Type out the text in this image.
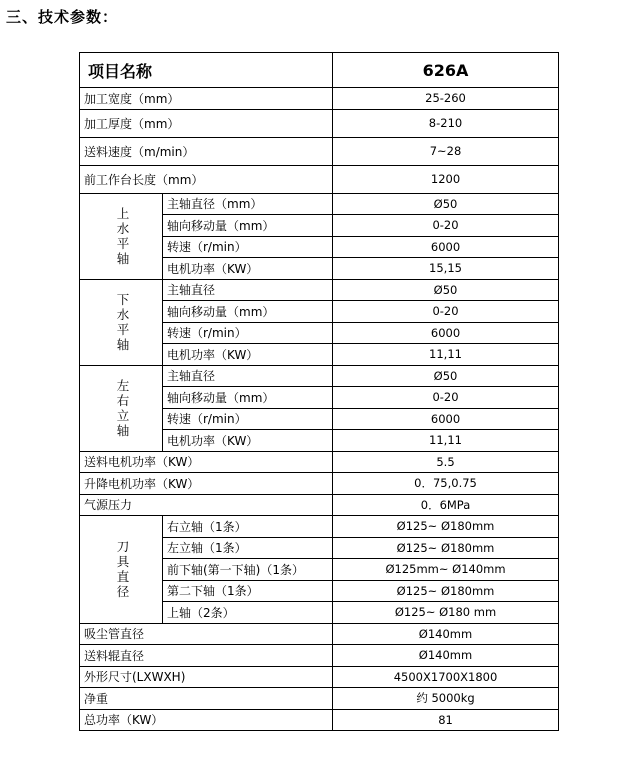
三、技术参数：
项目名称		626A
加工宽度（mm）		25-260
加工厚度（mm）		8-210
送料速度（m/min）		7~28
前工作台长度（mm）		1200
上水平轴	主轴直径（mm）	Ø50
	轴向移动量（mm）	0-20
	转速（r/min）	6000
	电机功率（KW）	15,15
下水平轴	主轴直径	Ø50
	轴向移动量（mm）	0-20
	转速（r/min）	6000
	电机功率（KW）	11,11
左右立轴	主轴直径	Ø50
	轴向移动量（mm）	0-20
	转速（r/min）	6000
	电机功率（KW）	11,11
送料电机功率（KW）		5.5
升降电机功率（KW）		0．75,0.75
气源压力		0．6MPa
刀具直径	右立轴（1条）	Ø125~ Ø180mm
	左立轴（1条）	Ø125~ Ø180mm
	前下轴(第一下轴)（1条）	Ø125mm~ Ø140mm
	第二下轴（1条）	Ø125~ Ø180mm
	上轴（2条）	Ø125~ Ø180 mm
吸尘管直径		Ø140mm
送料辊直径		Ø140mm
外形尺寸(LXWXH)		4500X1700X1800
净重		约 5000kg
总功率（KW）		81
